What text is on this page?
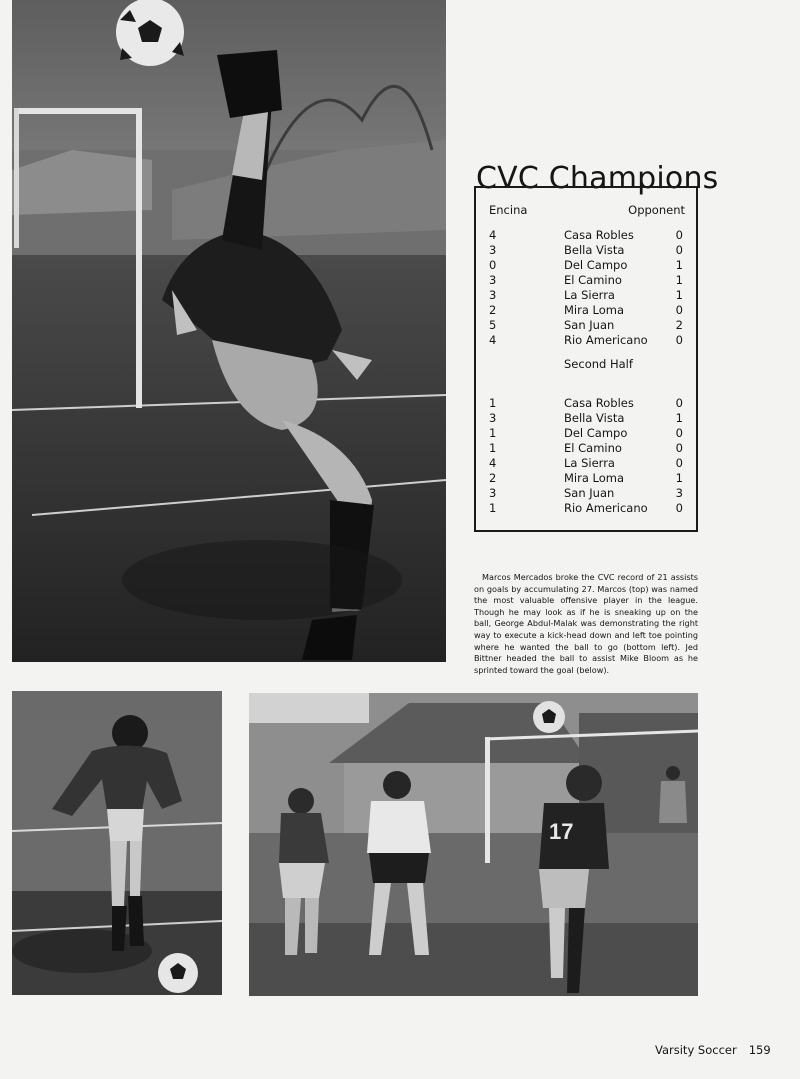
CVC Champions
Encina	Opponent
4	Casa Robles	0
3	Bella Vista	0
0	Del Campo	1
3	El Camino	1
3	La Sierra	1
2	Mira Loma	0
5	San Juan	2
4	Rio Americano 0
Second Half
1	Casa Robles	0
3	Bella Vista	1
1	Del Campo	0
1	El Camino	0
4	La Sierra	0
2	Mira Loma	1
3	San Juan	3
1	Rio Americano 0

Marcos Mercados broke the CVC record of 21 assists on goals by accumulating 27. Marcos (top) was named the most valuable offensive player in the league. Though he may look as if he is sneaking up on the ball, George Abdul-Malak was demonstrating the right way to execute a kick-head down and left toe pointing where he wanted the ball to go (bottom left). Jed Bittner headed the ball to assist Mike Bloom as he sprinted toward the goal (below).

17
Varsity Soccer 159
